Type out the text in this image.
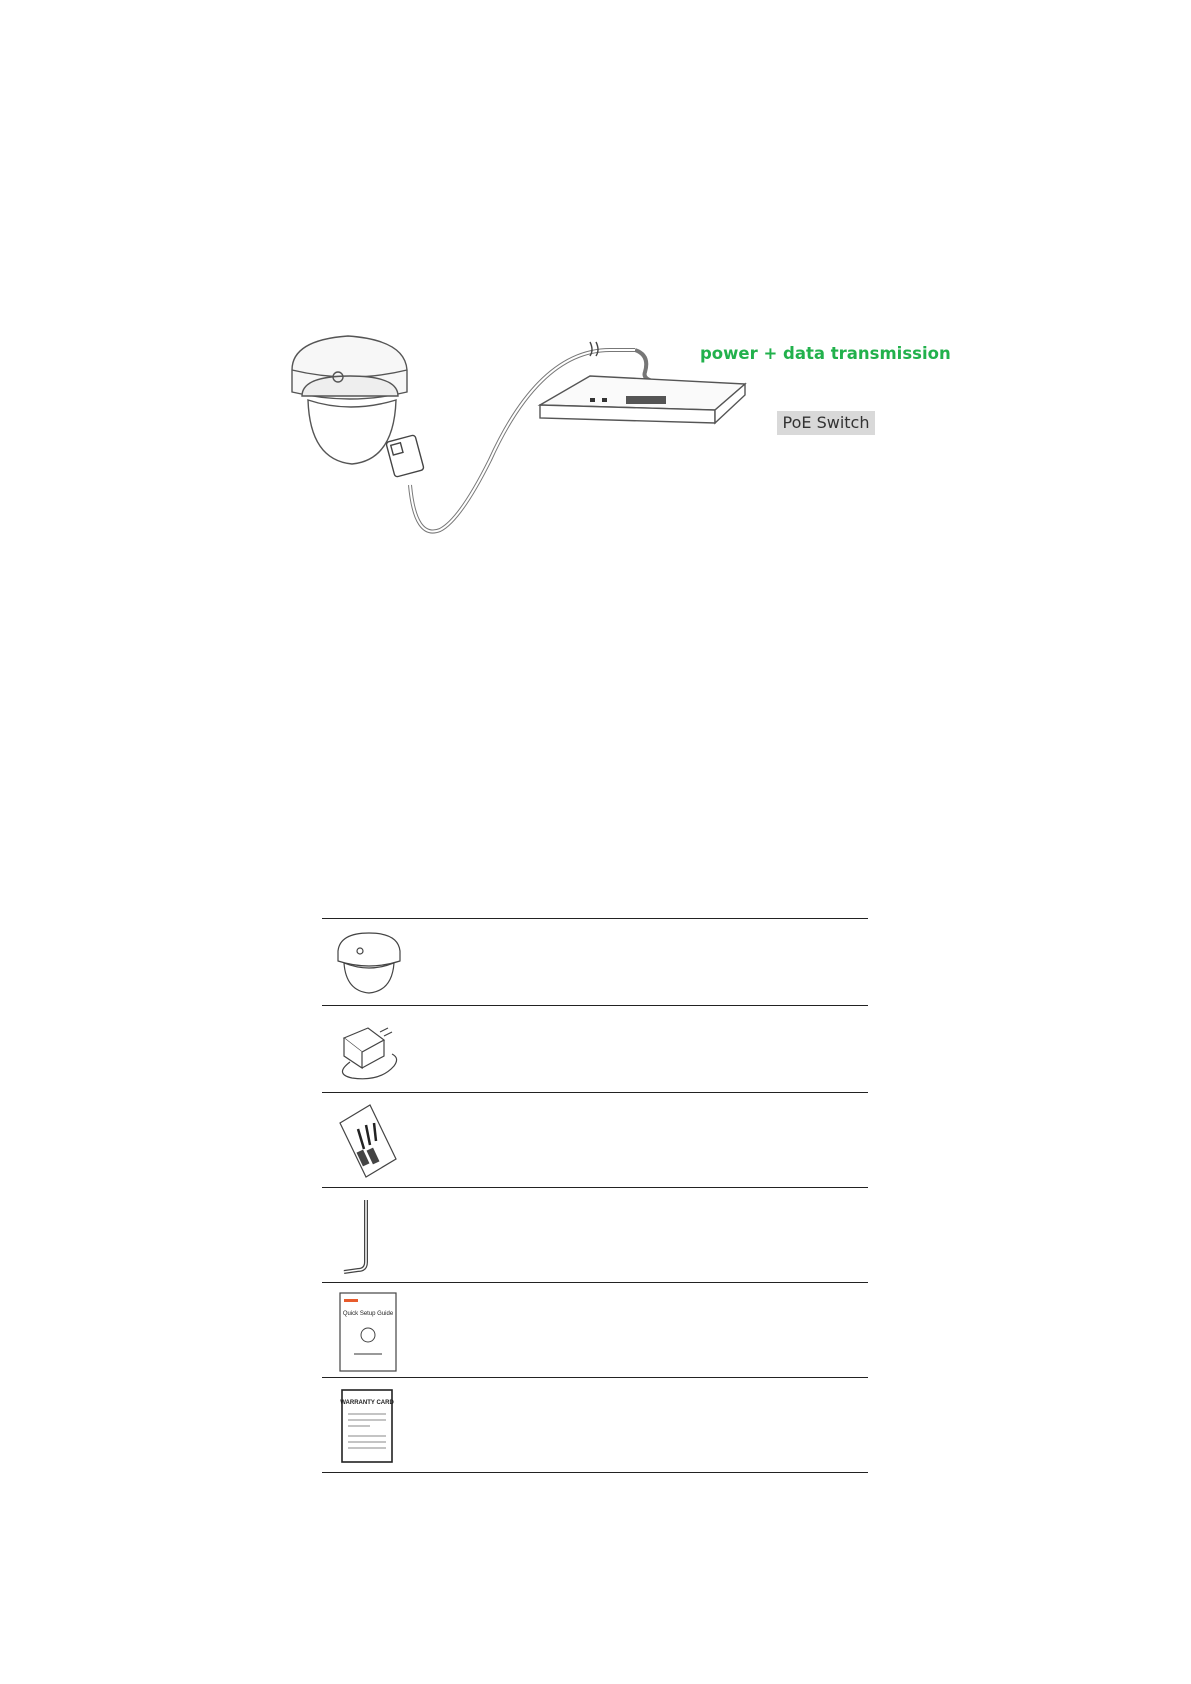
power + data transmission
PoE Switch
Quick Setup Guide
WARRANTY CARD
